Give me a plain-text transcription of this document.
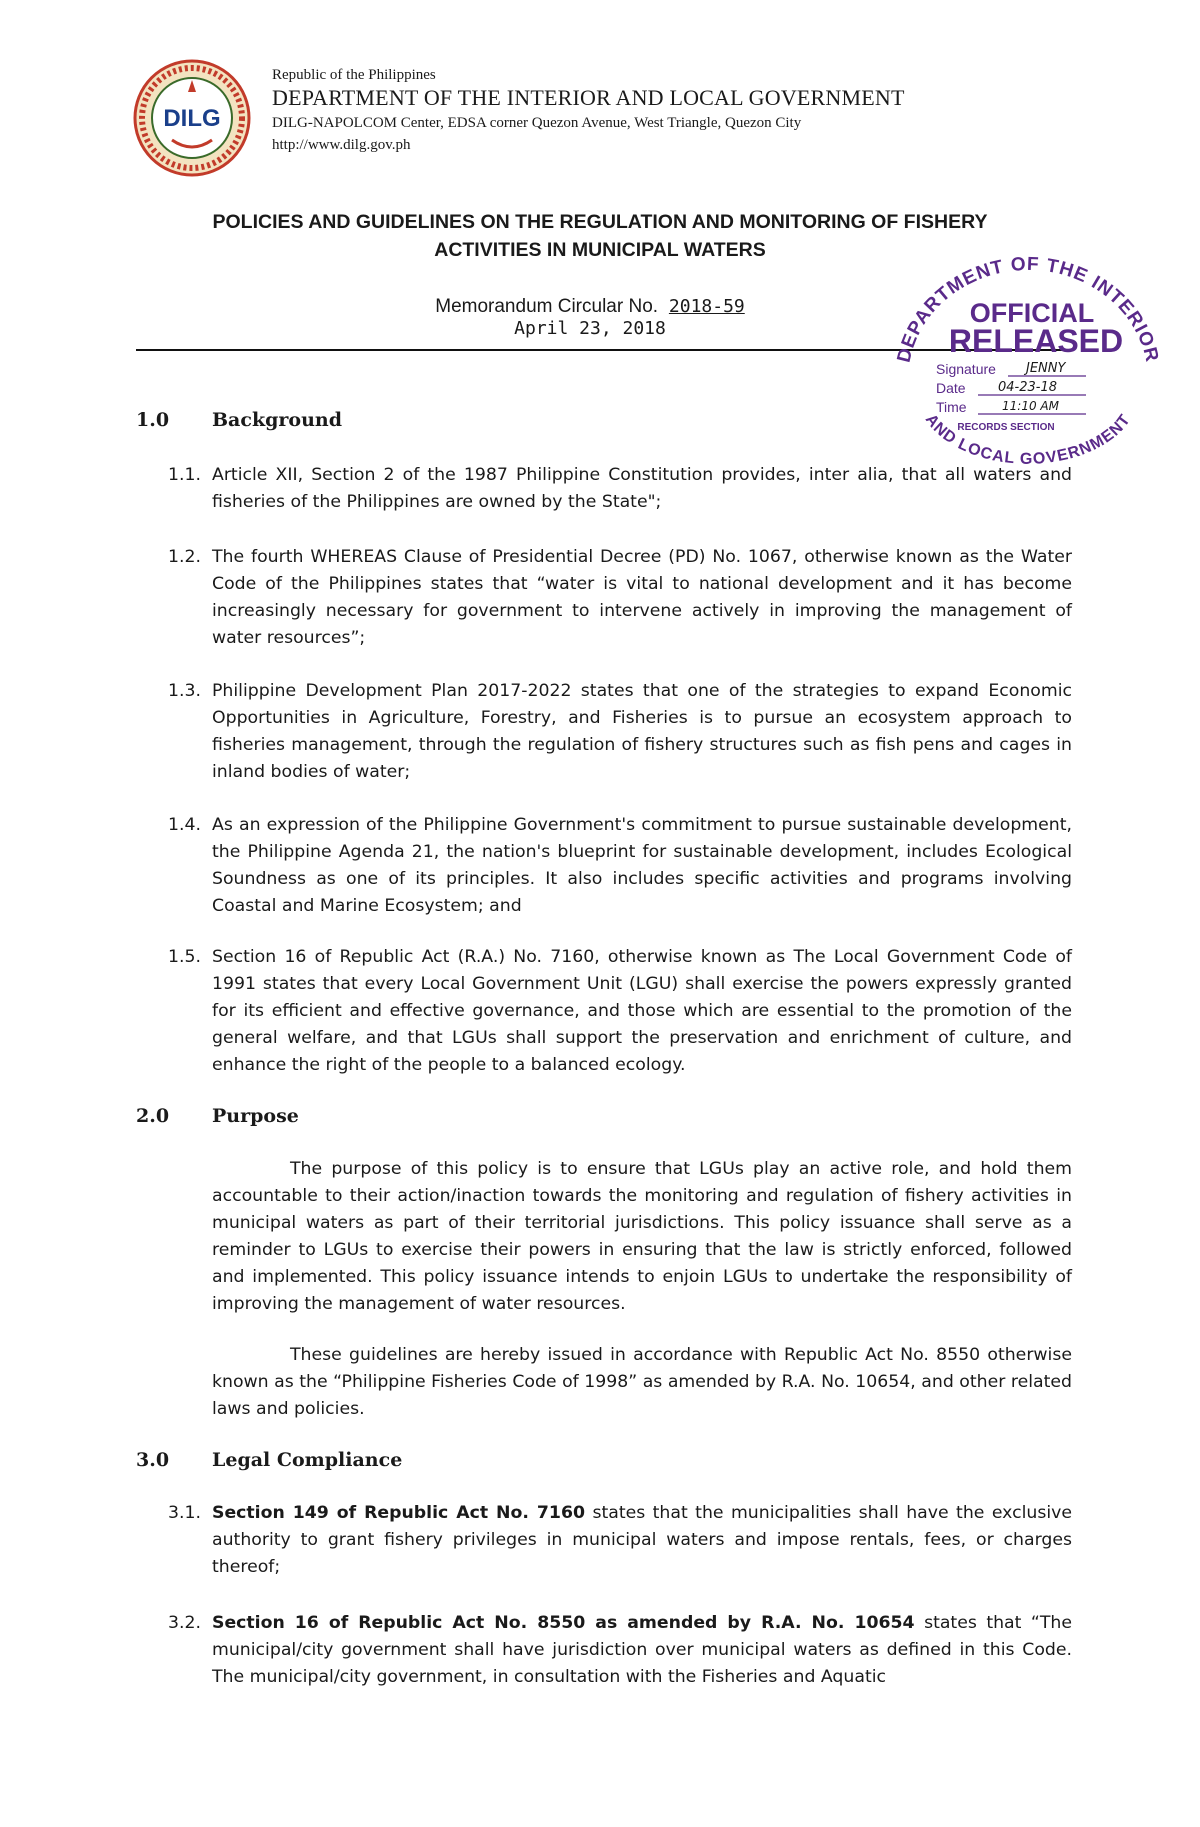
DILG
Republic of the Philippines
DEPARTMENT OF THE INTERIOR AND LOCAL GOVERNMENT
DILG-NAPOLCOM Center, EDSA corner Quezon Avenue, West Triangle, Quezon City
http://www.dilg.gov.ph
POLICIES AND GUIDELINES ON THE REGULATION AND MONITORING OF FISHERY
ACTIVITIES IN MUNICIPAL WATERS
Memorandum Circular No. 2018-59
April 23, 2018
DEPARTMENT OF THE INTERIOR
AND LOCAL GOVERNMENT
OFFICIAL
RELEASED
Signature
Date
Time
RECORDS SECTION
JENNY
04-23-18
11:10 AM
1.0 Background
1.1. Article XII, Section 2 of the 1987 Philippine Constitution provides, inter alia, that all waters and fisheries of the Philippines are owned by the State";
1.2. The fourth WHEREAS Clause of Presidential Decree (PD) No. 1067, otherwise known as the Water Code of the Philippines states that “water is vital to national development and it has become increasingly necessary for government to intervene actively in improving the management of water resources”;
1.3. Philippine Development Plan 2017-2022 states that one of the strategies to expand Economic Opportunities in Agriculture, Forestry, and Fisheries is to pursue an ecosystem approach to fisheries management, through the regulation of fishery structures such as fish pens and cages in inland bodies of water;
1.4. As an expression of the Philippine Government's commitment to pursue sustainable development, the Philippine Agenda 21, the nation's blueprint for sustainable development, includes Ecological Soundness as one of its principles. It also includes specific activities and programs involving Coastal and Marine Ecosystem; and
1.5. Section 16 of Republic Act (R.A.) No. 7160, otherwise known as The Local Government Code of 1991 states that every Local Government Unit (LGU) shall exercise the powers expressly granted for its efficient and effective governance, and those which are essential to the promotion of the general welfare, and that LGUs shall support the preservation and enrichment of culture, and enhance the right of the people to a balanced ecology.
2.0 Purpose
The purpose of this policy is to ensure that LGUs play an active role, and hold them accountable to their action/inaction towards the monitoring and regulation of fishery activities in municipal waters as part of their territorial jurisdictions. This policy issuance shall serve as a reminder to LGUs to exercise their powers in ensuring that the law is strictly enforced, followed and implemented. This policy issuance intends to enjoin LGUs to undertake the responsibility of improving the management of water resources.
These guidelines are hereby issued in accordance with Republic Act No. 8550 otherwise known as the “Philippine Fisheries Code of 1998” as amended by R.A. No. 10654, and other related laws and policies.
3.0 Legal Compliance
3.1. Section 149 of Republic Act No. 7160 states that the municipalities shall have the exclusive authority to grant fishery privileges in municipal waters and impose rentals, fees, or charges thereof;
3.2. Section 16 of Republic Act No. 8550 as amended by R.A. No. 10654 states that “The municipal/city government shall have jurisdiction over municipal waters as defined in this Code. The municipal/city government, in consultation with the Fisheries and Aquatic
